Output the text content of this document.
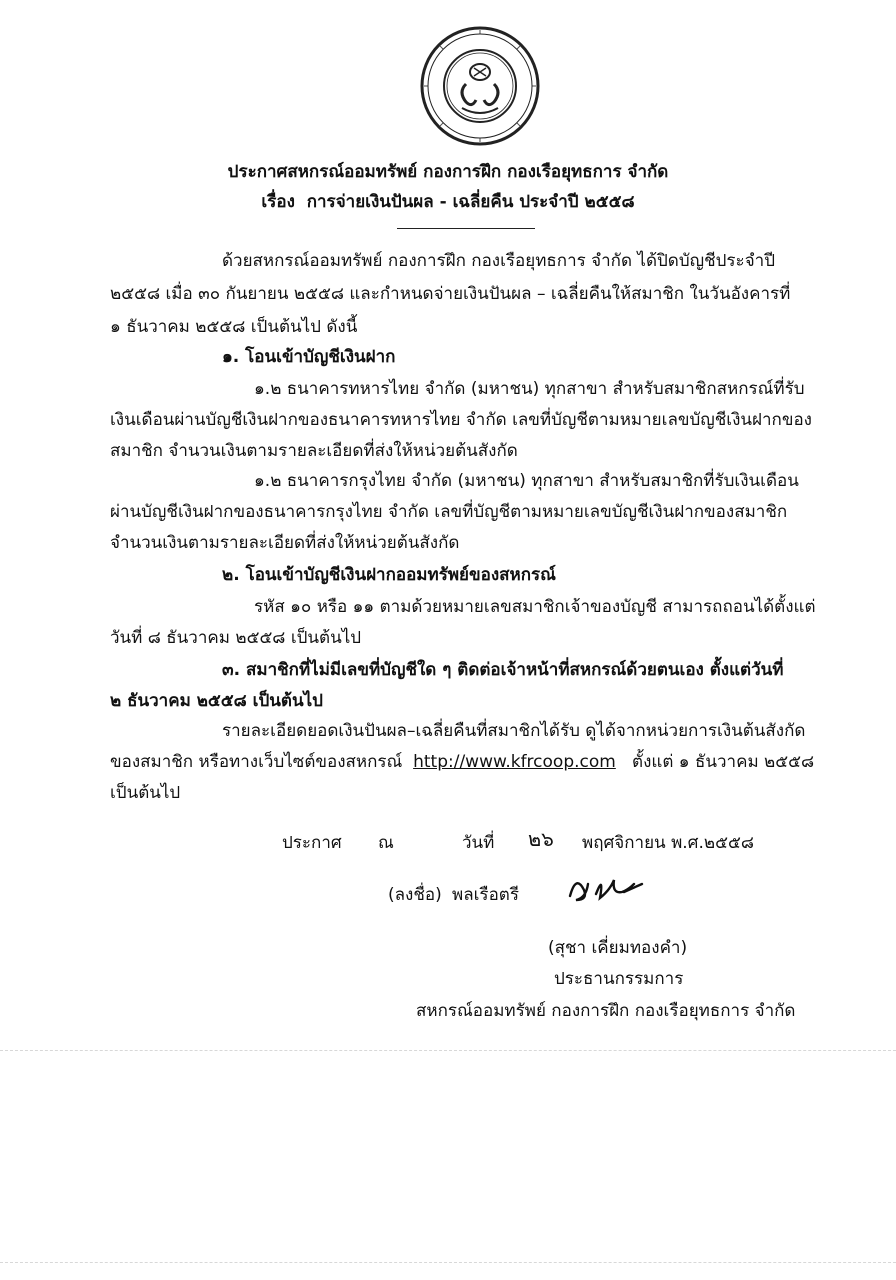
ประกาศสหกรณ์ออมทรัพย์ กองการฝึก กองเรือยุทธการ จำกัด
เรื่อง การจ่ายเงินปันผล - เฉลี่ยคืน ประจำปี ๒๕๕๘
ด้วยสหกรณ์ออมทรัพย์ กองการฝึก กองเรือยุทธการ จำกัด ได้ปิดบัญชีประจำปี
๒๕๕๘ เมื่อ ๓๐ กันยายน ๒๕๕๘ และกำหนดจ่ายเงินปันผล – เฉลี่ยคืนให้สมาชิก ในวันอังคารที่
๑ ธันวาคม ๒๕๕๘ เป็นต้นไป ดังนี้
๑. โอนเข้าบัญชีเงินฝาก
๑.๒ ธนาคารทหารไทย จำกัด (มหาชน) ทุกสาขา สำหรับสมาชิกสหกรณ์ที่รับ
เงินเดือนผ่านบัญชีเงินฝากของธนาคารทหารไทย จำกัด เลขที่บัญชีตามหมายเลขบัญชีเงินฝากของ
สมาชิก จำนวนเงินตามรายละเอียดที่ส่งให้หน่วยต้นสังกัด
๑.๒ ธนาคารกรุงไทย จำกัด (มหาชน) ทุกสาขา สำหรับสมาชิกที่รับเงินเดือน
ผ่านบัญชีเงินฝากของธนาคารกรุงไทย จำกัด เลขที่บัญชีตามหมายเลขบัญชีเงินฝากของสมาชิก
จำนวนเงินตามรายละเอียดที่ส่งให้หน่วยต้นสังกัด
๒. โอนเข้าบัญชีเงินฝากออมทรัพย์ของสหกรณ์
รหัส ๑๐ หรือ ๑๑ ตามด้วยหมายเลขสมาชิกเจ้าของบัญชี สามารถถอนได้ตั้งแต่
วันที่ ๘ ธันวาคม ๒๕๕๘ เป็นต้นไป
๓. สมาชิกที่ไม่มีเลขที่บัญชีใด ๆ ติดต่อเจ้าหน้าที่สหกรณ์ด้วยตนเอง ตั้งแต่วันที่
๒ ธันวาคม ๒๕๕๘ เป็นต้นไป
รายละเอียดยอดเงินปันผล–เฉลี่ยคืนที่สมาชิกได้รับ ดูได้จากหน่วยการเงินต้นสังกัด
ของสมาชิก หรือทางเว็บไซต์ของสหกรณ์ http://www.kfrcoop.com ตั้งแต่ ๑ ธันวาคม ๒๕๕๘
เป็นต้นไป
ประกาศ ณ	วันที่ ๒๖ พฤศจิกายน พ.ศ.๒๕๕๘
(ลงชื่อ) พลเรือตรี
(สุชา เคี่ยมทองคำ)
ประธานกรรมการ
สหกรณ์ออมทรัพย์ กองการฝึก กองเรือยุทธการ จำกัด
